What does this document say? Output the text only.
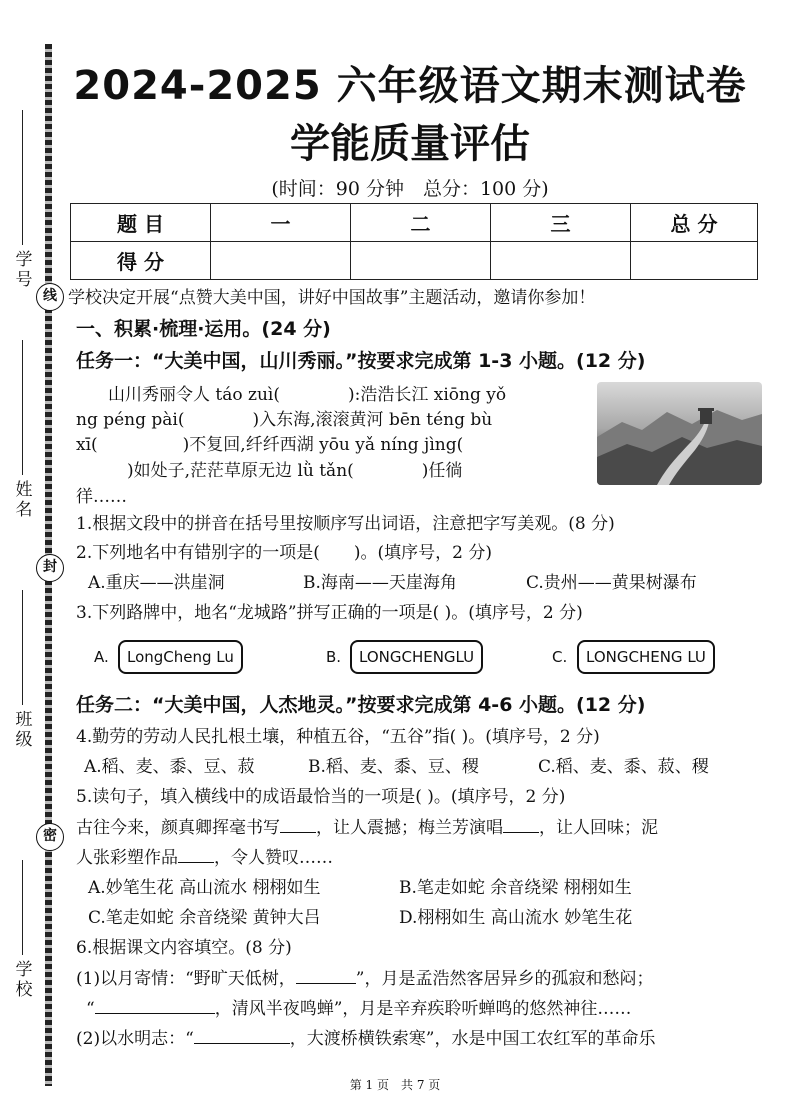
学 号
姓 名
班 级
学 校
线
封
密
2024-2025 六年级语文期末测试卷
学能质量评估
(时间：90 分钟　总分：100 分)
题 目	一	二	三	总 分
得 分				
学校决定开展“点赞大美中国，讲好中国故事”主题活动，邀请你参加！
一、积累·梳理·运用。(24 分)
任务一：“大美中国，山川秀丽。”按要求完成第 1-3 小题。(12 分)
山川秀丽令人 táo zuì(　　　　):浩浩长江 xiōng yǒ
ng péng pài(　　　　)入东海,滚滚黄河 bēn téng bù
xī(　　　　　)不复回,纤纤西湖 yōu yǎ níng jìng(
　　　)如处子,茫茫草原无边 lǜ tǎn(　　　　)任徜
徉……
1.根据文段中的拼音在括号里按顺序写出词语，注意把字写美观。(8 分)
2.下列地名中有错别字的一项是(　　)。(填序号，2 分)
A.重庆——洪崖洞	B.海南——天崖海角	C.贵州——黄果树瀑布
3.下列路牌中，地名“龙城路”拼写正确的一项是( )。(填序号，2 分)
A.	LongCheng Lu	B.	LONGCHENGLU	C.	LONGCHENG LU
任务二：“大美中国，人杰地灵。”按要求完成第 4-6 小题。(12 分)
4.勤劳的劳动人民扎根土壤，种植五谷，“五谷”指( )。(填序号，2 分)
A.稻、麦、黍、豆、菽	B.稻、麦、黍、豆、稷	C.稻、麦、黍、菽、稷
5.读句子，填入横线中的成语最恰当的一项是( )。(填序号，2 分)
古往今来，颜真卿挥毫书写 ，让人震撼；梅兰芳演唱 ，让人回味；泥
人张彩塑作品 ，令人赞叹……
A.妙笔生花 高山流水 栩栩如生	B.笔走如蛇 余音绕梁 栩栩如生
C.笔走如蛇 余音绕梁 黄钟大吕	D.栩栩如生 高山流水 妙笔生花
6.根据课文内容填空。(8 分)
(1)以月寄情：“野旷天低树，	”，月是孟浩然客居异乡的孤寂和愁闷；
“	，清风半夜鸣蝉”，月是辛弃疾聆听蝉鸣的悠然神往……
(2)以水明志：“	，大渡桥横铁索寒”，水是中国工农红军的革命乐
第 1 页　共 7 页
